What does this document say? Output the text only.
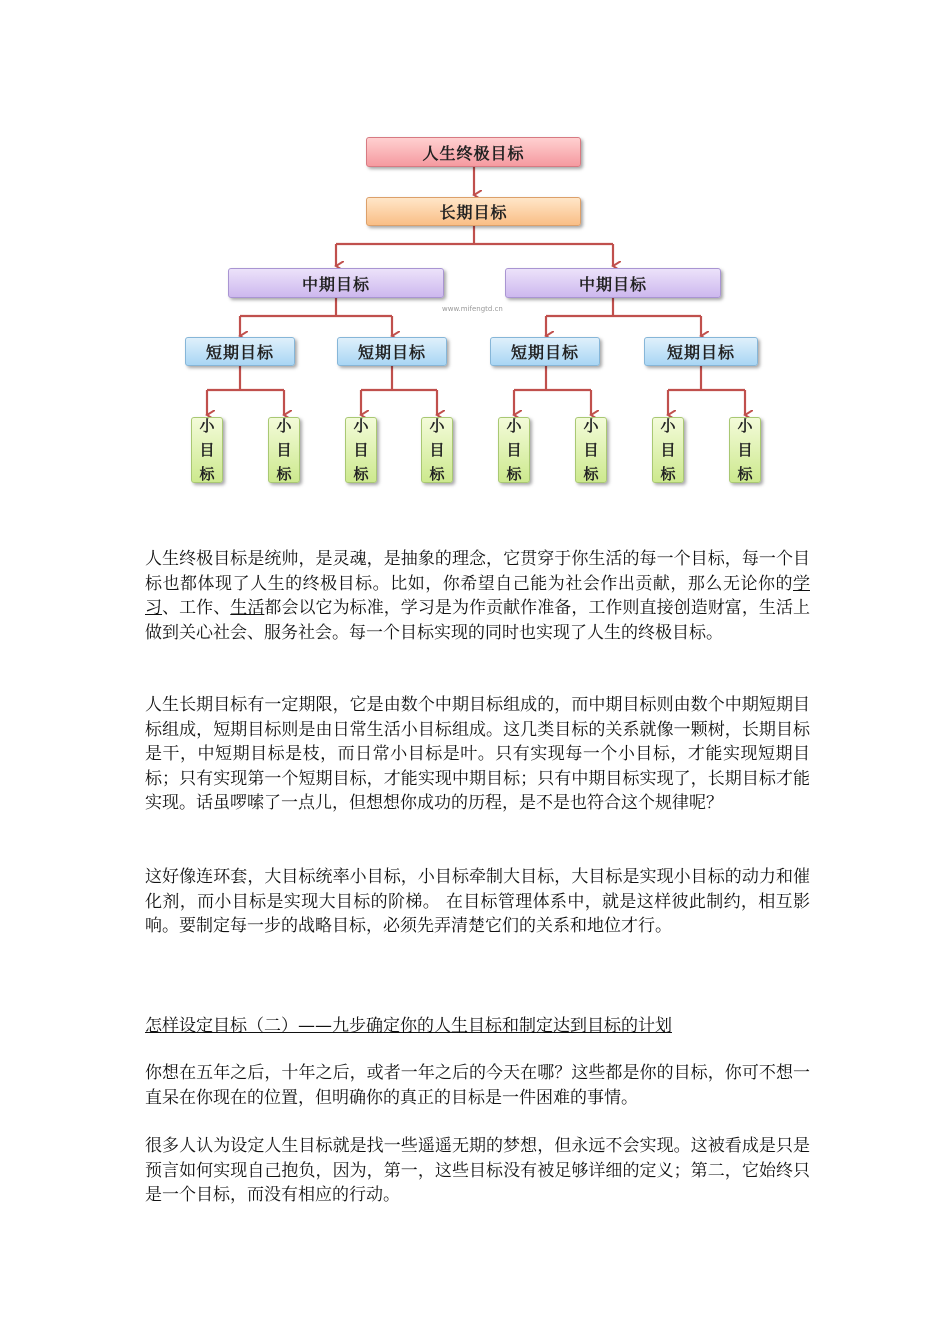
人生终极目标
长期目标
中期目标	中期目标
www.mifengtd.cn
短期目标	短期目标	短期目标	短期目标
小目标
小目标
小目标
小目标
小目标
小目标
小目标
小目标

人生终极目标是统帅，是灵魂，是抽象的理念，它贯穿于你生活的每一个目标，每一个目标也都体现了人生的终极目标。比如，你希望自己能为社会作出贡献，那么无论你的学习、工作、生活都会以它为标准，学习是为作贡献作准备，工作则直接创造财富，生活上做到关心社会、服务社会。每一个目标实现的同时也实现了人生的终极目标。

人生长期目标有一定期限，它是由数个中期目标组成的，而中期目标则由数个中期短期目标组成，短期目标则是由日常生活小目标组成。这几类目标的关系就像一颗树，长期目标是干，中短期目标是枝，而日常小目标是叶。只有实现每一个小目标，才能实现短期目标；只有实现第一个短期目标，才能实现中期目标；只有中期目标实现了，长期目标才能实现。话虽啰嗦了一点儿，但想想你成功的历程，是不是也符合这个规律呢？

这好像连环套，大目标统率小目标，小目标牵制大目标，大目标是实现小目标的动力和催化剂，而小目标是实现大目标的阶梯。 在目标管理体系中，就是这样彼此制约，相互影响。要制定每一步的战略目标，必须先弄清楚它们的关系和地位才行。

怎样设定目标（二）——九步确定你的人生目标和制定达到目标的计划

你想在五年之后，十年之后，或者一年之后的今天在哪？这些都是你的目标，你可不想一直呆在你现在的位置，但明确你的真正的目标是一件困难的事情。

很多人认为设定人生目标就是找一些遥遥无期的梦想，但永远不会实现。这被看成是只是预言如何实现自己抱负，因为，第一，这些目标没有被足够详细的定义；第二，它始终只是一个目标，而没有相应的行动。
